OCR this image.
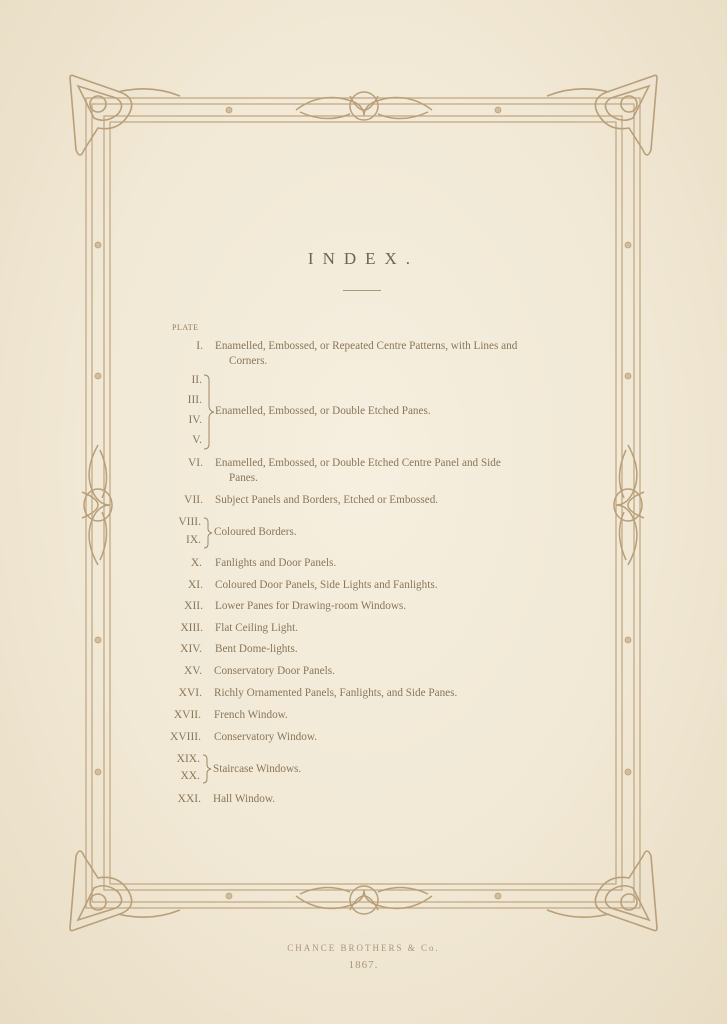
INDEX.
PLATE
I. Enamelled, Embossed, or Repeated Centre Patterns, with Lines and
Corners.
II.
III.
IV.
V.
Enamelled, Embossed, or Double Etched Panes.
VI. Enamelled, Embossed, or Double Etched Centre Panel and Side
Panes.
VII. Subject Panels and Borders, Etched or Embossed.
VIII.
IX.
Coloured Borders.
X. Fanlights and Door Panels.
XI. Coloured Door Panels, Side Lights and Fanlights.
XII. Lower Panes for Drawing-room Windows.
XIII. Flat Ceiling Light.
XIV. Bent Dome-lights.
XV. Conservatory Door Panels.
XVI. Richly Ornamented Panels, Fanlights, and Side Panes.
XVII. French Window.
XVIII. Conservatory Window.
XIX.
XX.
Staircase Windows.
XXI. Hall Window.
CHANCE BROTHERS & Co.
1867.
